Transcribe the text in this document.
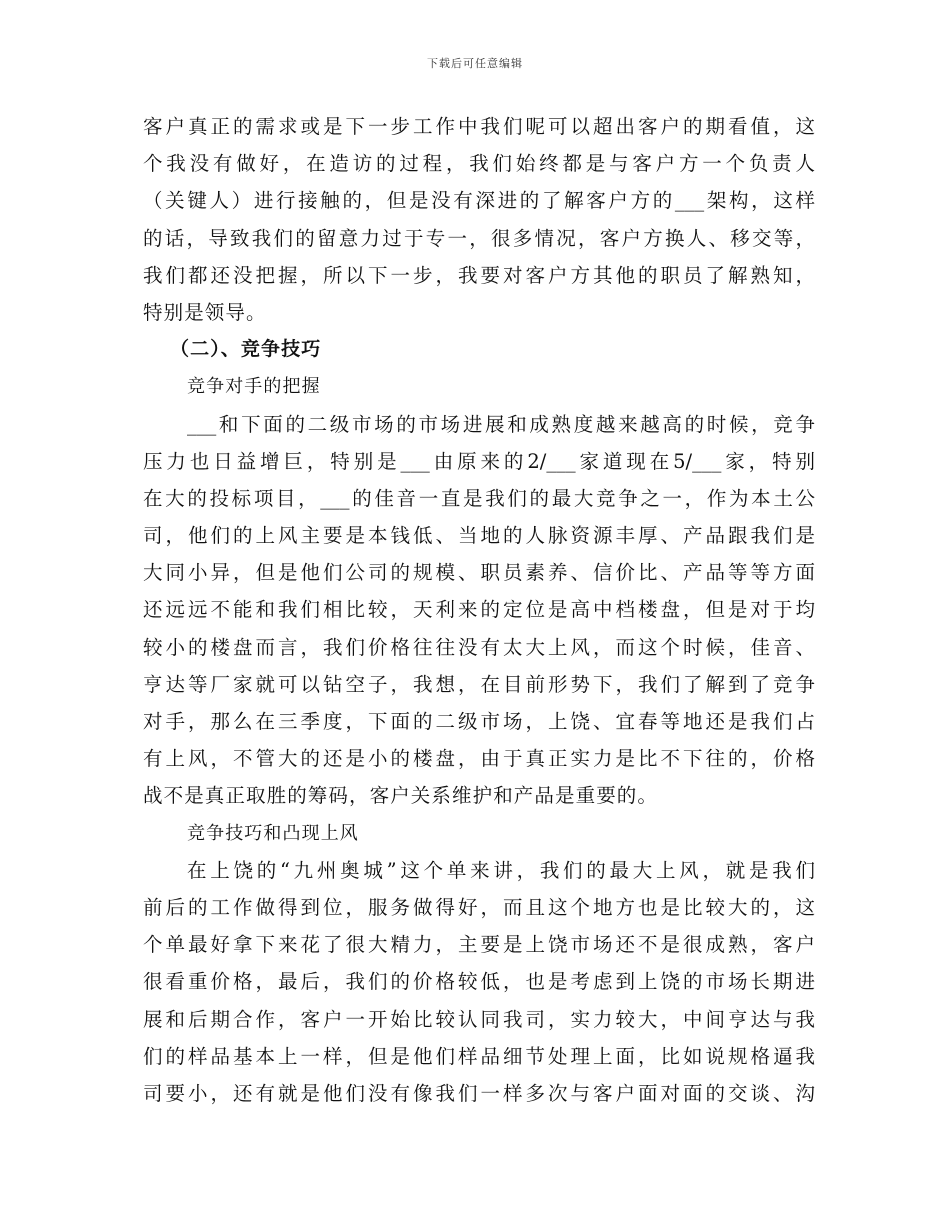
下载后可任意编辑
客户真正的需求或是下一步工作中我们呢可以超出客户的期看值，这
个我没有做好，在造访的过程，我们始终都是与客户方一个负责人
（关键人）进行接触的，但是没有深进的了解客户方的___架构，这样
的话，导致我们的留意力过于专一，很多情况，客户方换人、移交等，
我们都还没把握，所以下一步，我要对客户方其他的职员了解熟知，
特别是领导。
（二）、竞争技巧
竞争对手的把握
___和下面的二级市场的市场进展和成熟度越来越高的时候，竞争
压力也日益增巨，特别是___由原来的2/___家道现在5/___家，特别
在大的投标项目，___的佳音一直是我们的最大竞争之一，作为本土公
司，他们的上风主要是本钱低、当地的人脉资源丰厚、产品跟我们是
大同小异，但是他们公司的规模、职员素养、信价比、产品等等方面
还远远不能和我们相比较，天利来的定位是高中档楼盘，但是对于均
较小的楼盘而言，我们价格往往没有太大上风，而这个时候，佳音、
亨达等厂家就可以钻空子，我想，在目前形势下，我们了解到了竞争
对手，那么在三季度，下面的二级市场，上饶、宜春等地还是我们占
有上风，不管大的还是小的楼盘，由于真正实力是比不下往的，价格
战不是真正取胜的筹码，客户关系维护和产品是重要的。
竞争技巧和凸现上风
在上饶的“九州奥城”这个单来讲，我们的最大上风，就是我们
前后的工作做得到位，服务做得好，而且这个地方也是比较大的，这
个单最好拿下来花了很大精力，主要是上饶市场还不是很成熟，客户
很看重价格，最后，我们的价格较低，也是考虑到上饶的市场长期进
展和后期合作，客户一开始比较认同我司，实力较大，中间亨达与我
们的样品基本上一样，但是他们样品细节处理上面，比如说规格逼我
司要小，还有就是他们没有像我们一样多次与客户面对面的交谈、沟
